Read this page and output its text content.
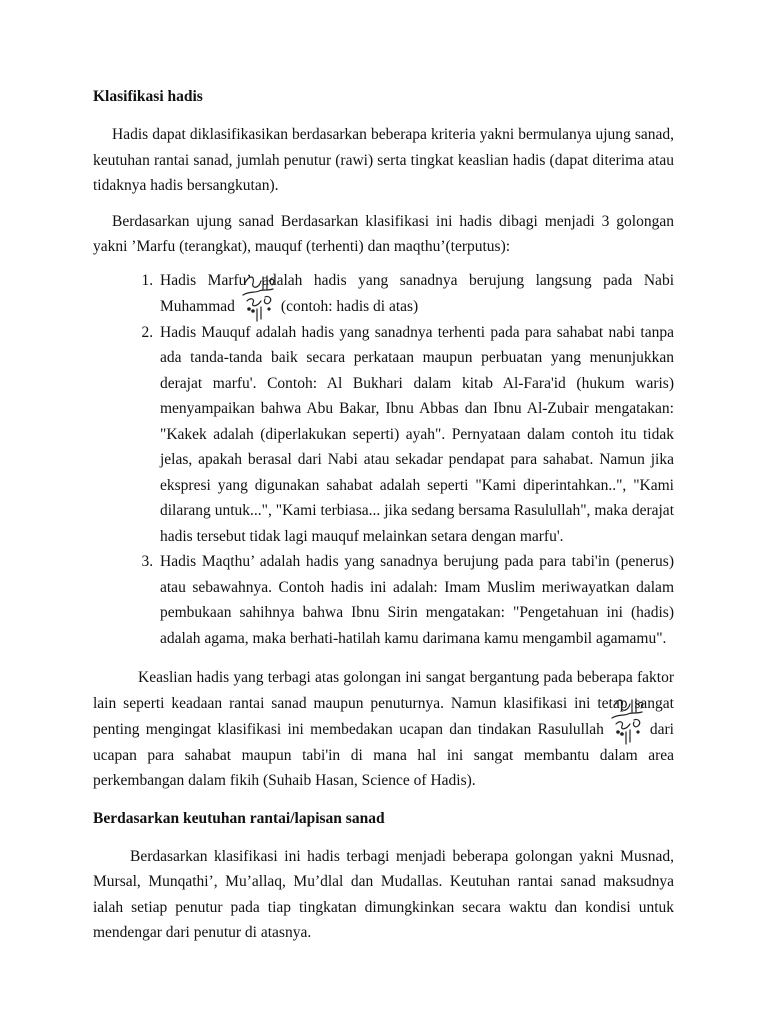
Klasifikasi hadis

Hadis dapat diklasifikasikan berdasarkan beberapa kriteria yakni bermulanya ujung sanad, keutuhan rantai sanad, jumlah penutur (rawi) serta tingkat keaslian hadis (dapat diterima atau tidaknya hadis bersangkutan).

Berdasarkan ujung sanad Berdasarkan klasifikasi ini hadis dibagi menjadi 3 golongan yakni ’Marfu (terangkat), mauquf (terhenti) dan maqthu’(terputus):

1. Hadis Marfu’ adalah hadis yang sanadnya berujung langsung pada Nabi Muhammad	(contoh: hadis di atas)
2. Hadis Mauquf adalah hadis yang sanadnya terhenti pada para sahabat nabi tanpa ada tanda-tanda baik secara perkataan maupun perbuatan yang menunjukkan derajat marfu'. Contoh: Al Bukhari dalam kitab Al-Fara'id (hukum waris) menyampaikan bahwa Abu Bakar, Ibnu Abbas dan Ibnu Al-Zubair mengatakan: "Kakek adalah (diperlakukan seperti) ayah". Pernyataan dalam contoh itu tidak jelas, apakah berasal dari Nabi atau sekadar pendapat para sahabat. Namun jika ekspresi yang digunakan sahabat adalah seperti "Kami diperintahkan..", "Kami dilarang untuk...", "Kami terbiasa... jika sedang bersama Rasulullah", maka derajat hadis tersebut tidak lagi mauquf melainkan setara dengan marfu'.
3. Hadis Maqthu’ adalah hadis yang sanadnya berujung pada para tabi'in (penerus) atau sebawahnya. Contoh hadis ini adalah: Imam Muslim meriwayatkan dalam pembukaan sahihnya bahwa Ibnu Sirin mengatakan: "Pengetahuan ini (hadis) adalah agama, maka berhati-hatilah kamu darimana kamu mengambil agamamu".

Keaslian hadis yang terbagi atas golongan ini sangat bergantung pada beberapa faktor lain seperti keadaan rantai sanad maupun penuturnya. Namun klasifikasi ini tetap sangat penting mengingat klasifikasi ini membedakan ucapan dan tindakan Rasulullah	dari ucapan para sahabat maupun tabi'in di mana hal ini sangat membantu dalam area perkembangan dalam fikih (Suhaib Hasan, Science of Hadis).

Berdasarkan keutuhan rantai/lapisan sanad

Berdasarkan klasifikasi ini hadis terbagi menjadi beberapa golongan yakni Musnad, Mursal, Munqathi’, Mu’allaq, Mu’dlal dan Mudallas. Keutuhan rantai sanad maksudnya ialah setiap penutur pada tiap tingkatan dimungkinkan secara waktu dan kondisi untuk mendengar dari penutur di atasnya.
